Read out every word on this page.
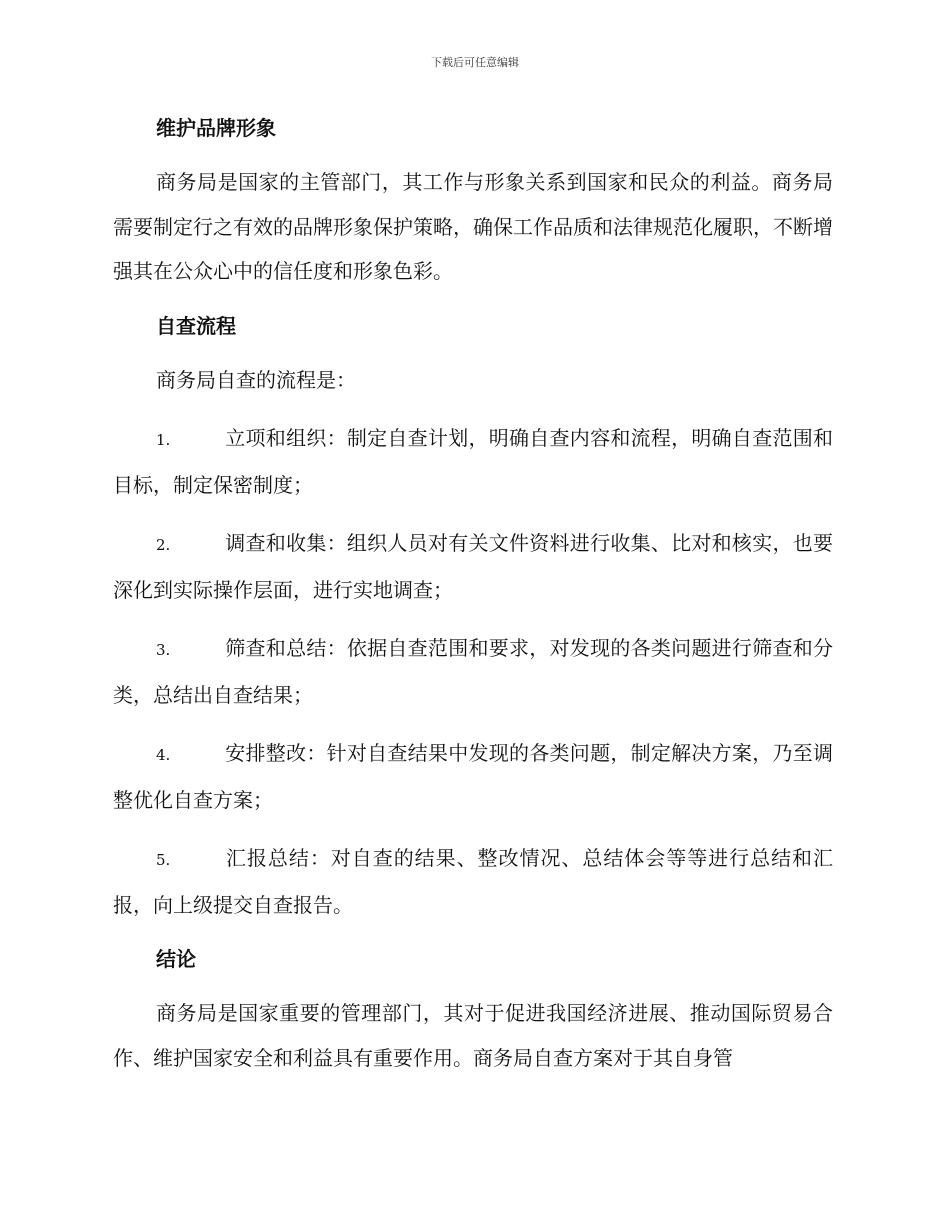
下载后可任意编辑
维护品牌形象

商务局是国家的主管部门，其工作与形象关系到国家和民众的利益。商务局需要制定行之有效的品牌形象保护策略，确保工作品质和法律规范化履职，不断增强其在公众心中的信任度和形象色彩。

自查流程

商务局自查的流程是：

1.	立项和组织：制定自查计划，明确自查内容和流程，明确自查范围和目标，制定保密制度；

2.	调查和收集：组织人员对有关文件资料进行收集、比对和核实，也要深化到实际操作层面，进行实地调查；

3.	筛查和总结：依据自查范围和要求，对发现的各类问题进行筛查和分类，总结出自查结果；

4.	安排整改：针对自查结果中发现的各类问题，制定解决方案，乃至调整优化自查方案；

5.	汇报总结：对自查的结果、整改情况、总结体会等等进行总结和汇报，向上级提交自查报告。

结论

商务局是国家重要的管理部门，其对于促进我国经济进展、推动国际贸易合作、维护国家安全和利益具有重要作用。商务局自查方案对于其自身管
